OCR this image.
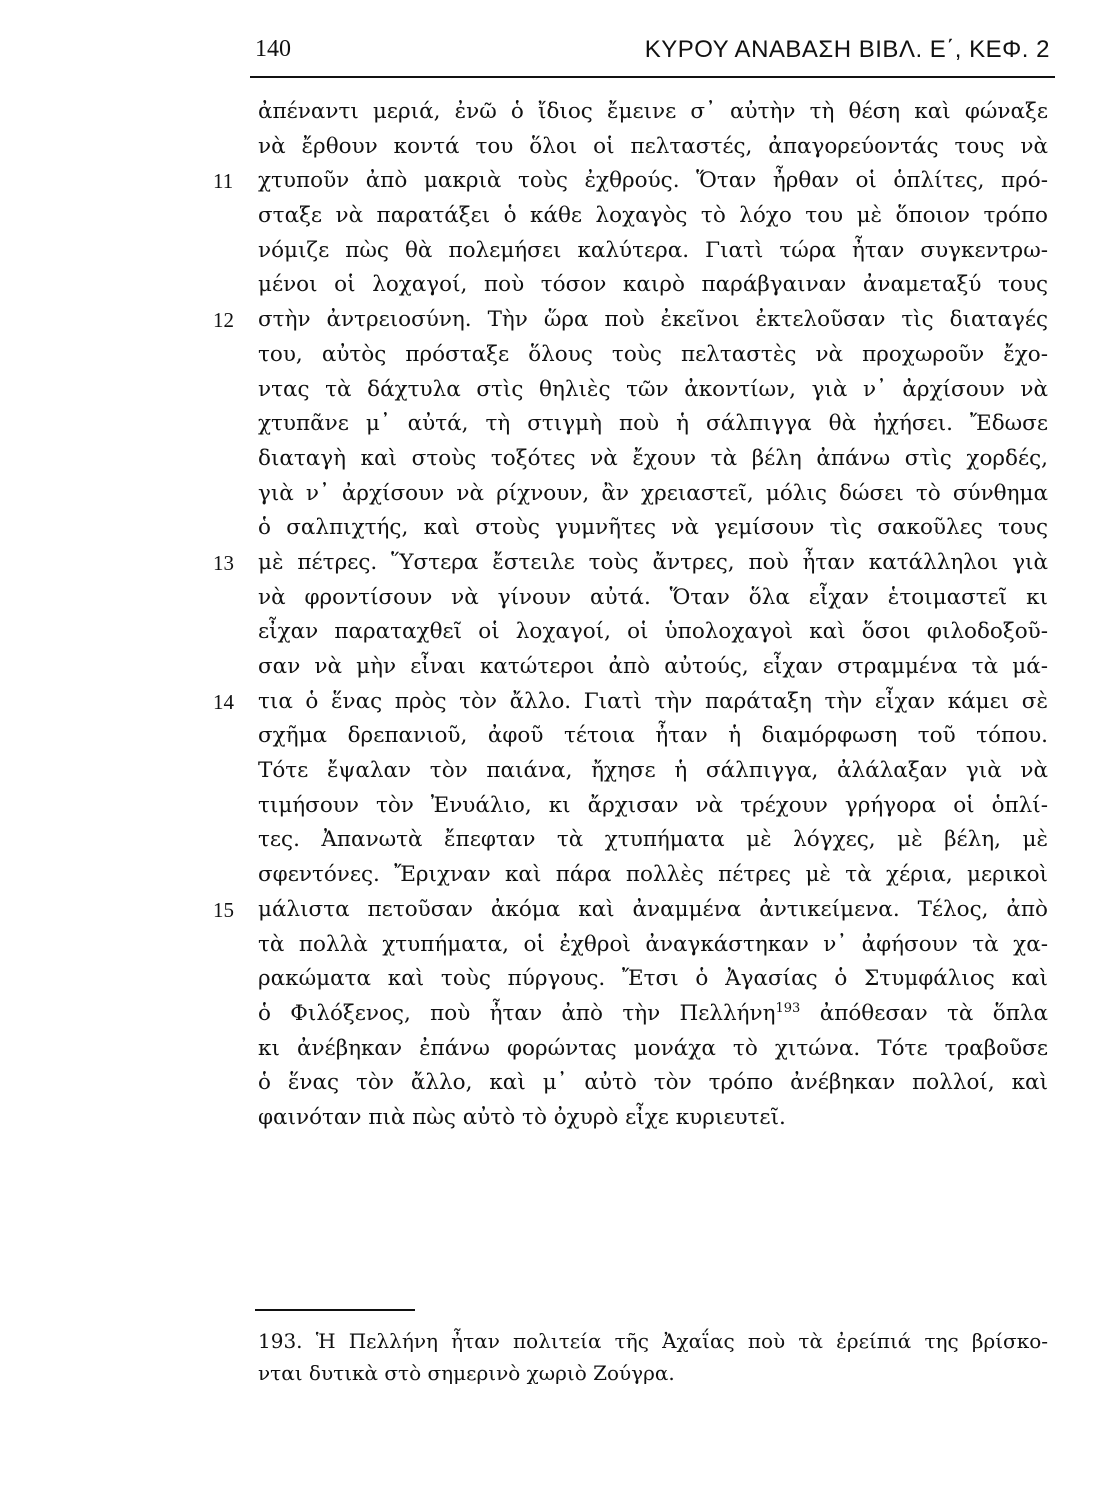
140	ΚΥΡΟΥ ΑΝΑΒΑΣΗ ΒΙΒΛ. Ε΄, ΚΕΦ. 2
ἀπέναντι μεριά, ἐνῶ ὁ ἴδιος ἔμεινε σ᾽ αὐτὴν τὴ θέση καὶ φώναξε
νὰ ἔρθουν κοντά του ὅλοι οἱ πελταστές, ἀπαγορεύοντάς τους νὰ
11 χτυποῦν ἀπὸ μακριὰ τοὺς ἐχθρούς. Ὅταν ἦρθαν οἱ ὁπλίτες, πρό-
σταξε νὰ παρατάξει ὁ κάθε λοχαγὸς τὸ λόχο του μὲ ὅποιον τρόπο
νόμιζε πὼς θὰ πολεμήσει καλύτερα. Γιατὶ τώρα ἦταν συγκεντρω-
μένοι οἱ λοχαγοί, ποὺ τόσον καιρὸ παράβγαιναν ἀναμεταξύ τους
12 στὴν ἀντρειοσύνη. Τὴν ὥρα ποὺ ἐκεῖνοι ἐκτελοῦσαν τὶς διαταγές
του, αὐτὸς πρόσταξε ὅλους τοὺς πελταστὲς νὰ προχωροῦν ἔχο-
ντας τὰ δάχτυλα στὶς θηλιὲς τῶν ἀκοντίων, γιὰ ν᾽ ἀρχίσουν νὰ
χτυπᾶνε μ᾽ αὐτά, τὴ στιγμὴ ποὺ ἡ σάλπιγγα θὰ ἠχήσει. Ἔδωσε
διαταγὴ καὶ στοὺς τοξότες νὰ ἔχουν τὰ βέλη ἀπάνω στὶς χορδές,
γιὰ ν᾽ ἀρχίσουν νὰ ρίχνουν, ἂν χρειαστεῖ, μόλις δώσει τὸ σύνθημα
ὁ σαλπιχτής, καὶ στοὺς γυμνῆτες νὰ γεμίσουν τὶς σακοῦλες τους
13 μὲ πέτρες. Ὕστερα ἔστειλε τοὺς ἄντρες, ποὺ ἦταν κατάλληλοι γιὰ
νὰ φροντίσουν νὰ γίνουν αὐτά. Ὅταν ὅλα εἶχαν ἑτοιμαστεῖ κι
εἶχαν παραταχθεῖ οἱ λοχαγοί, οἱ ὑπολοχαγοὶ καὶ ὅσοι φιλοδοξοῦ-
σαν νὰ μὴν εἶναι κατώτεροι ἀπὸ αὐτούς, εἶχαν στραμμένα τὰ μά-
14 τια ὁ ἕνας πρὸς τὸν ἄλλο. Γιατὶ τὴν παράταξη τὴν εἶχαν κάμει σὲ
σχῆμα δρεπανιοῦ, ἀφοῦ τέτοια ἦταν ἡ διαμόρφωση τοῦ τόπου.
Τότε ἔψαλαν τὸν παιάνα, ἤχησε ἡ σάλπιγγα, ἀλάλαξαν γιὰ νὰ
τιμήσουν τὸν Ἐνυάλιο, κι ἄρχισαν νὰ τρέχουν γρήγορα οἱ ὁπλί-
τες. Ἀπανωτὰ ἔπεφταν τὰ χτυπήματα μὲ λόγχες, μὲ βέλη, μὲ
σφεντόνες. Ἔριχναν καὶ πάρα πολλὲς πέτρες μὲ τὰ χέρια, μερικοὶ
15 μάλιστα πετοῦσαν ἀκόμα καὶ ἀναμμένα ἀντικείμενα. Τέλος, ἀπὸ
τὰ πολλὰ χτυπήματα, οἱ ἐχθροὶ ἀναγκάστηκαν ν᾽ ἀφήσουν τὰ χα-
ρακώματα καὶ τοὺς πύργους. Ἔτσι ὁ Ἀγασίας ὁ Στυμφάλιος καὶ
ὁ Φιλόξενος, ποὺ ἦταν ἀπὸ τὴν Πελλήνη$^{193}$ ἀπόθεσαν τὰ ὅπλα
κι ἀνέβηκαν ἐπάνω φορώντας μονάχα τὸ χιτώνα. Τότε τραβοῦσε
ὁ ἕνας τὸν ἄλλο, καὶ μ᾽ αὐτὸ τὸν τρόπο ἀνέβηκαν πολλοί, καὶ
φαινόταν πιὰ πὼς αὐτὸ τὸ ὀχυρὸ εἶχε κυριευτεῖ.
193. Ἡ Πελλήνη ἦταν πολιτεία τῆς Ἀχαΐας ποὺ τὰ ἐρείπιά της βρίσκο-
νται δυτικὰ στὸ σημερινὸ χωριὸ Ζούγρα.
